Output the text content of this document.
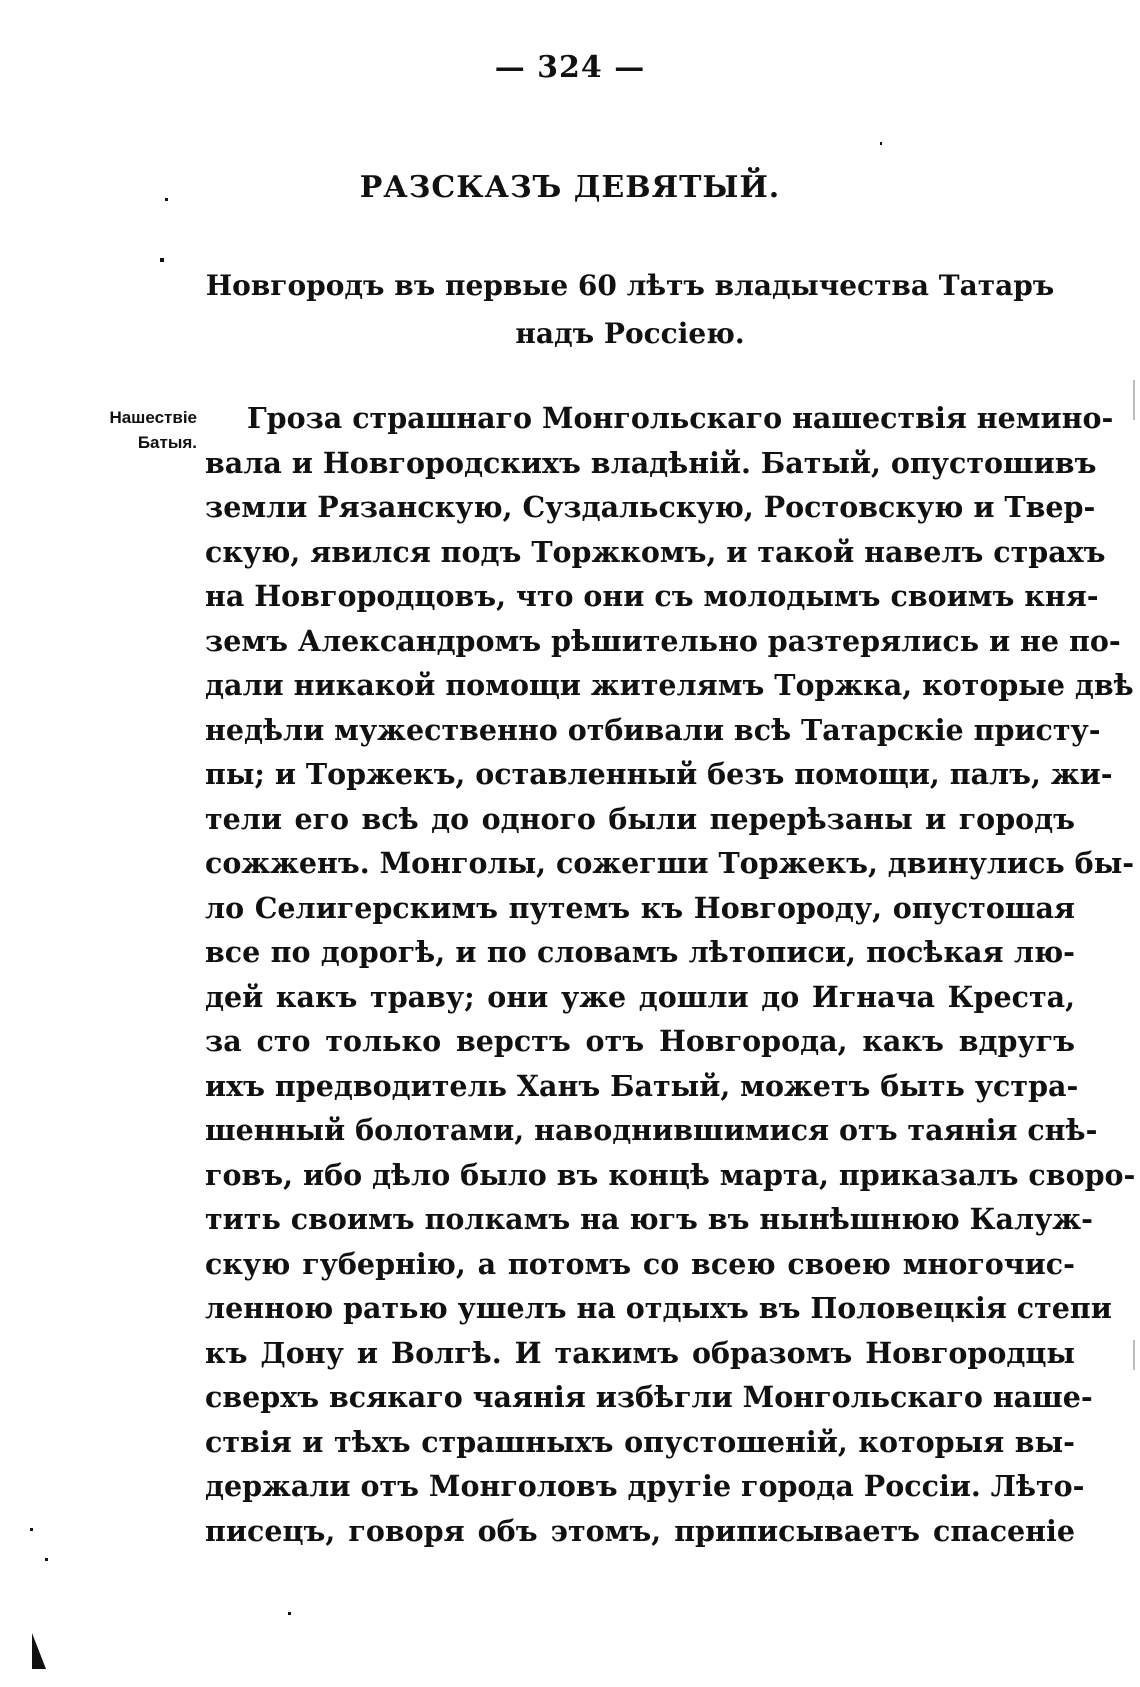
— 324 —
РАЗСКАЗЪ ДЕВЯТЫЙ.
Новгородъ въ первые 60 лѣтъ владычества Татаръ
надъ Россiею.
Нашествiе
Батыя.
Гроза страшнаго Монгольскаго нашествiя немино-
вала и Новгородскихъ владѣнiй. Батый, опустошивъ
земли Рязанскую, Суздальскую, Ростовскую и Твер-
скую, явился подъ Торжкомъ, и такой навелъ страхъ
на Новгородцовъ, что они съ молодымъ своимъ кня-
земъ Александромъ рѣшительно разтерялись и не по-
дали никакой помощи жителямъ Торжка, которые двѣ
недѣли мужественно отбивали всѣ Татарскiе присту-
пы; и Торжекъ, оставленный безъ помощи, палъ, жи-
тели его всѣ до одного были перерѣзаны и городъ
сожженъ. Монголы, сожегши Торжекъ, двинулись бы-
ло Селигерскимъ путемъ къ Новгороду, опустошая
все по дорогѣ, и по словамъ лѣтописи, посѣкая лю-
дей какъ траву; они уже дошли до Игнача Креста,
за сто только верстъ отъ Новгорода, какъ вдругъ
ихъ предводитель Ханъ Батый, можетъ быть устра-
шенный болотами, наводнившимися отъ таянiя снѣ-
говъ, ибо дѣло было въ концѣ марта, приказалъ своро-
тить своимъ полкамъ на югъ въ нынѣшнюю Калуж-
скую губернiю, а потомъ со всею своею многочис-
ленною ратью ушелъ на отдыхъ въ Половецкiя степи
къ Дону и Волгѣ. И такимъ образомъ Новгородцы
сверхъ всякаго чаянiя избѣгли Монгольскаго наше-
ствiя и тѣхъ страшныхъ опустошенiй, которыя вы-
держали отъ Монголовъ другiе города Россiи. Лѣто-
писецъ, говоря объ этомъ, приписываетъ спасенiе
